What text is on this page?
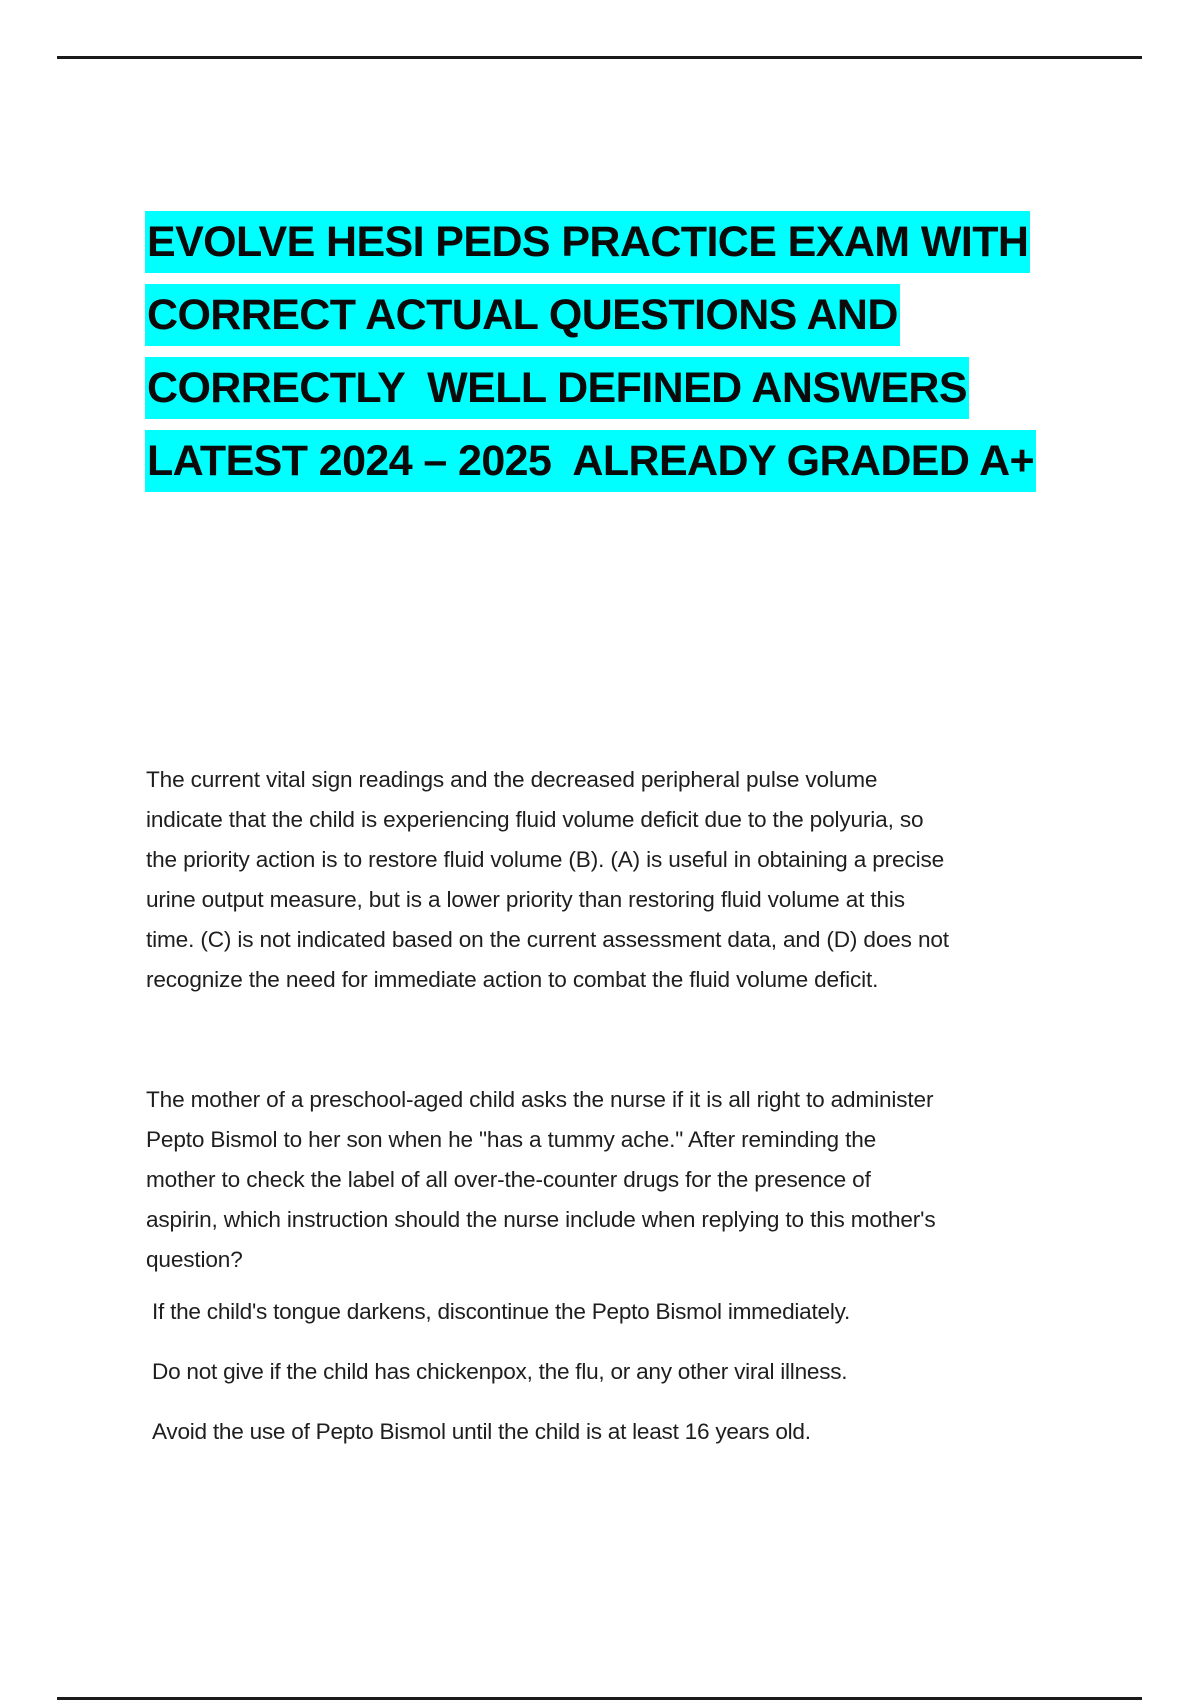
EVOLVE HESI PEDS PRACTICE EXAM WITH
CORRECT ACTUAL QUESTIONS AND
CORRECTLY  WELL DEFINED ANSWERS
LATEST 2024 – 2025  ALREADY GRADED A+

The current vital sign readings and the decreased peripheral pulse volume
indicate that the child is experiencing fluid volume deficit due to the polyuria, so
the priority action is to restore fluid volume (B). (A) is useful in obtaining a precise
urine output measure, but is a lower priority than restoring fluid volume at this
time. (C) is not indicated based on the current assessment data, and (D) does not
recognize the need for immediate action to combat the fluid volume deficit.

The mother of a preschool-aged child asks the nurse if it is all right to administer
Pepto Bismol to her son when he "has a tummy ache." After reminding the
mother to check the label of all over-the-counter drugs for the presence of
aspirin, which instruction should the nurse include when replying to this mother's
question?

If the child's tongue darkens, discontinue the Pepto Bismol immediately.
Do not give if the child has chickenpox, the flu, or any other viral illness.
Avoid the use of Pepto Bismol until the child is at least 16 years old.
